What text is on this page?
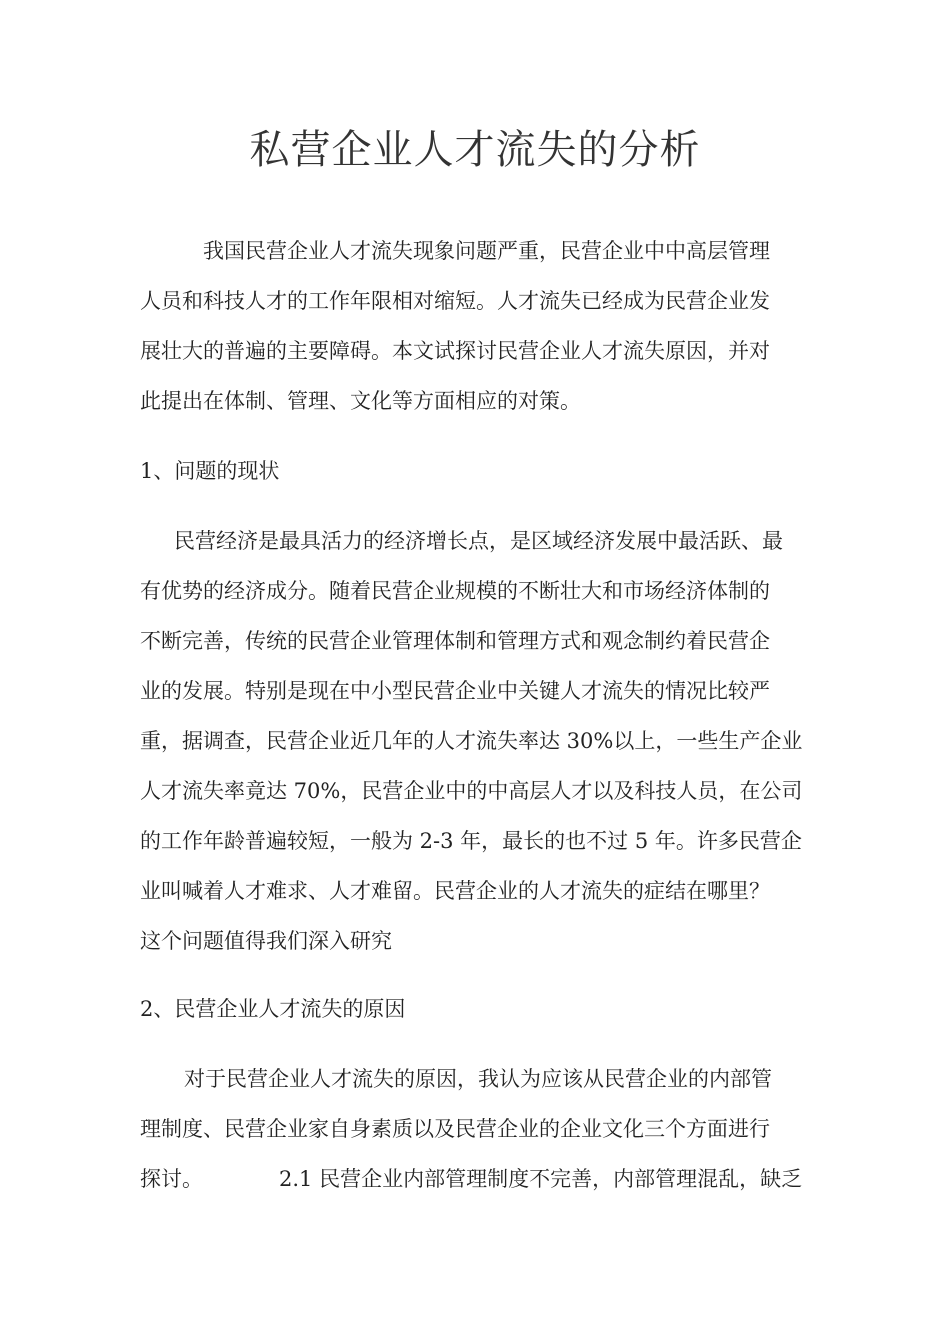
私营企业人才流失的分析
我国民营企业人才流失现象问题严重，民营企业中中高层管理
人员和科技人才的工作年限相对缩短。人才流失已经成为民营企业发
展壮大的普遍的主要障碍。本文试探讨民营企业人才流失原因，并对
此提出在体制、管理、文化等方面相应的对策。
1、问题的现状
民营经济是最具活力的经济增长点，是区域经济发展中最活跃、最
有优势的经济成分。随着民营企业规模的不断壮大和市场经济体制的
不断完善，传统的民营企业管理体制和管理方式和观念制约着民营企
业的发展。特别是现在中小型民营企业中关键人才流失的情况比较严
重，据调查，民营企业近几年的人才流失率达 30%以上，一些生产企业
人才流失率竟达 70%，民营企业中的中高层人才以及科技人员，在公司
的工作年龄普遍较短，一般为 2-3 年，最长的也不过 5 年。许多民营企
业叫喊着人才难求、人才难留。民营企业的人才流失的症结在哪里？
这个问题值得我们深入研究
2、民营企业人才流失的原因
对于民营企业人才流失的原因，我认为应该从民营企业的内部管
理制度、民营企业家自身素质以及民营企业的企业文化三个方面进行
探讨。	2.1 民营企业内部管理制度不完善，内部管理混乱，缺乏
